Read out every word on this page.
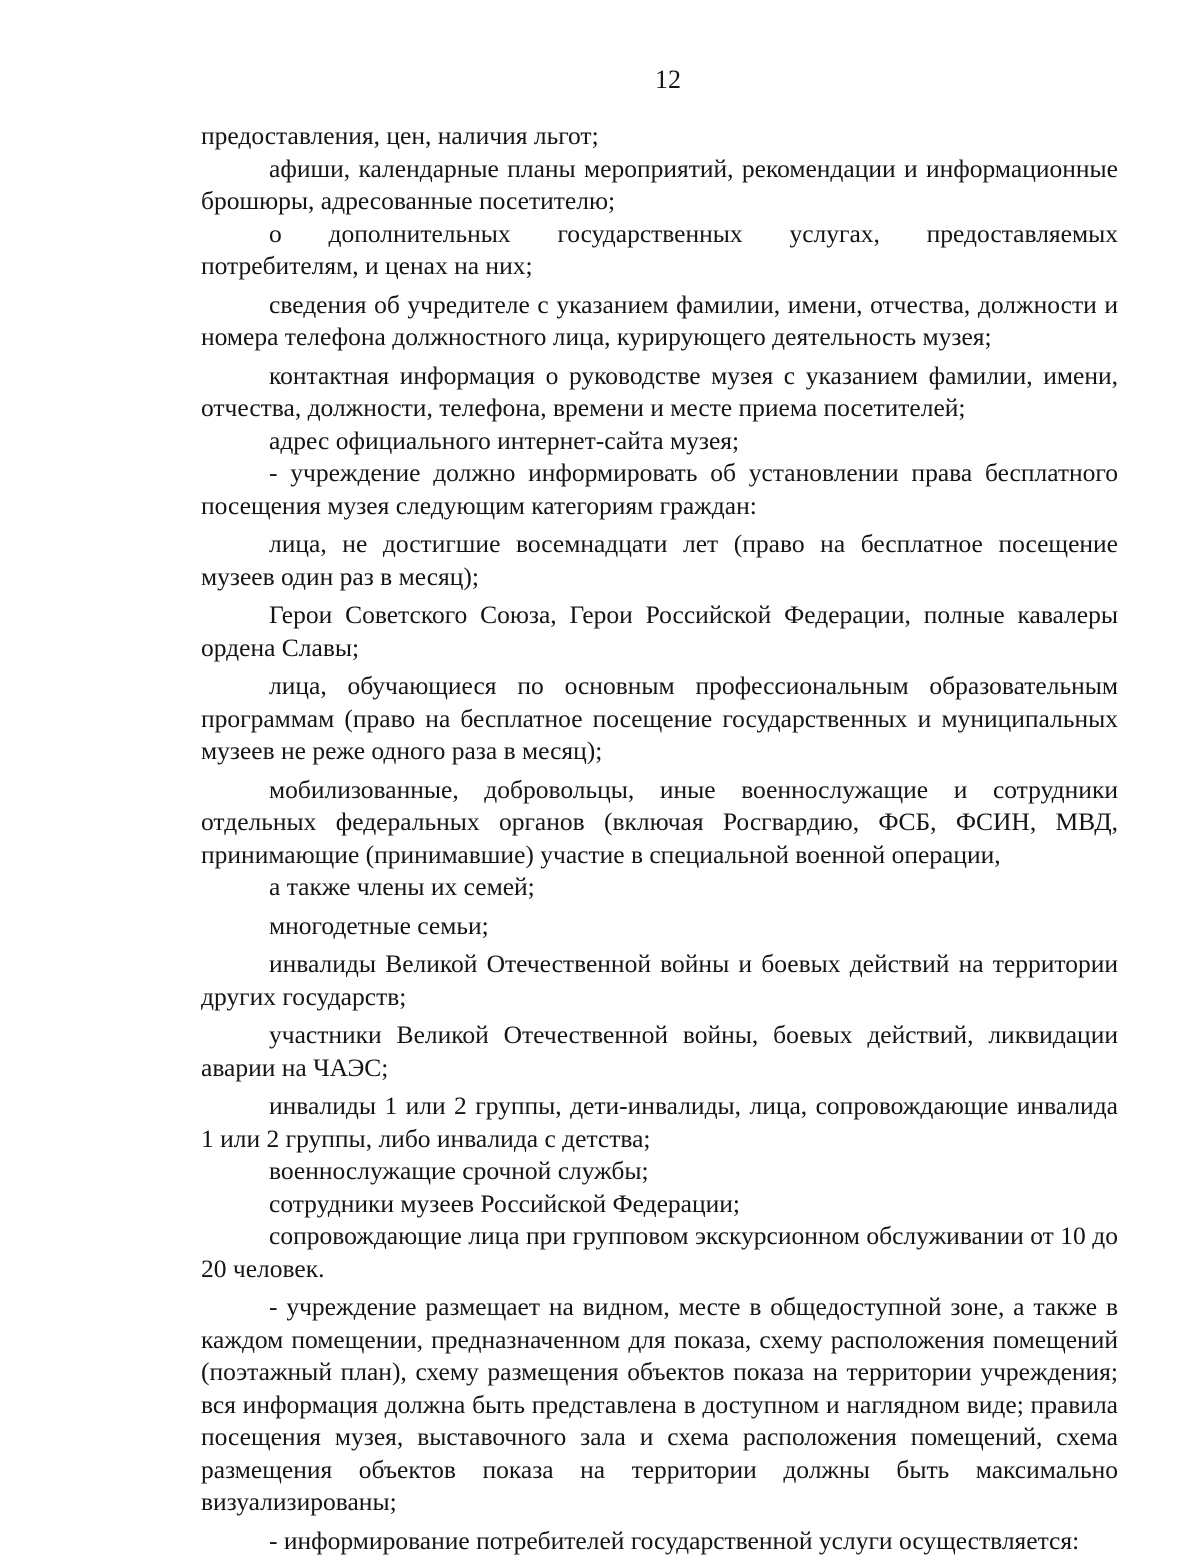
12

предоставления, цен, наличия льгот;

афиши, календарные планы мероприятий, рекомендации и информационные брошюры, адресованные посетителю;

о дополнительных государственных услугах, предоставляемых потребителям, и ценах на них;

сведения об учредителе с указанием фамилии, имени, отчества, должности и номера телефона должностного лица, курирующего деятельность музея;

контактная информация о руководстве музея с указанием фамилии, имени, отчества, должности, телефона, времени и месте приема посетителей;

адрес официального интернет-сайта музея;

- учреждение должно информировать об установлении права бесплатного посещения музея следующим категориям граждан:

лица, не достигшие восемнадцати лет (право на бесплатное посещение музеев один раз в месяц);

Герои Советского Союза, Герои Российской Федерации, полные кавалеры ордена Славы;

лица, обучающиеся по основным профессиональным образовательным программам (право на бесплатное посещение государственных и муниципальных музеев не реже одного раза в месяц);

мобилизованные, добровольцы, иные военнослужащие и сотрудники отдельных федеральных органов (включая Росгвардию, ФСБ, ФСИН, МВД, принимающие (принимавшие) участие в специальной военной операции,

а также члены их семей;

многодетные семьи;

инвалиды Великой Отечественной войны и боевых действий на территории других государств;

участники Великой Отечественной войны, боевых действий, ликвидации аварии на ЧАЭС;

инвалиды 1 или 2 группы, дети-инвалиды, лица, сопровождающие инвалида 1 или 2 группы, либо инвалида с детства;

военнослужащие срочной службы;

сотрудники музеев Российской Федерации;

сопровождающие лица при групповом экскурсионном обслуживании от 10 до 20 человек.

- учреждение размещает на видном, месте в общедоступной зоне, а также в каждом помещении, предназначенном для показа, схему расположения помещений (поэтажный план), схему размещения объектов показа на территории учреждения; вся информация должна быть представлена в доступном и наглядном виде; правила посещения музея, выставочного зала и схема расположения помещений, схема размещения объектов показа на территории должны быть максимально визуализированы;

- информирование потребителей государственной услуги осуществляется:
